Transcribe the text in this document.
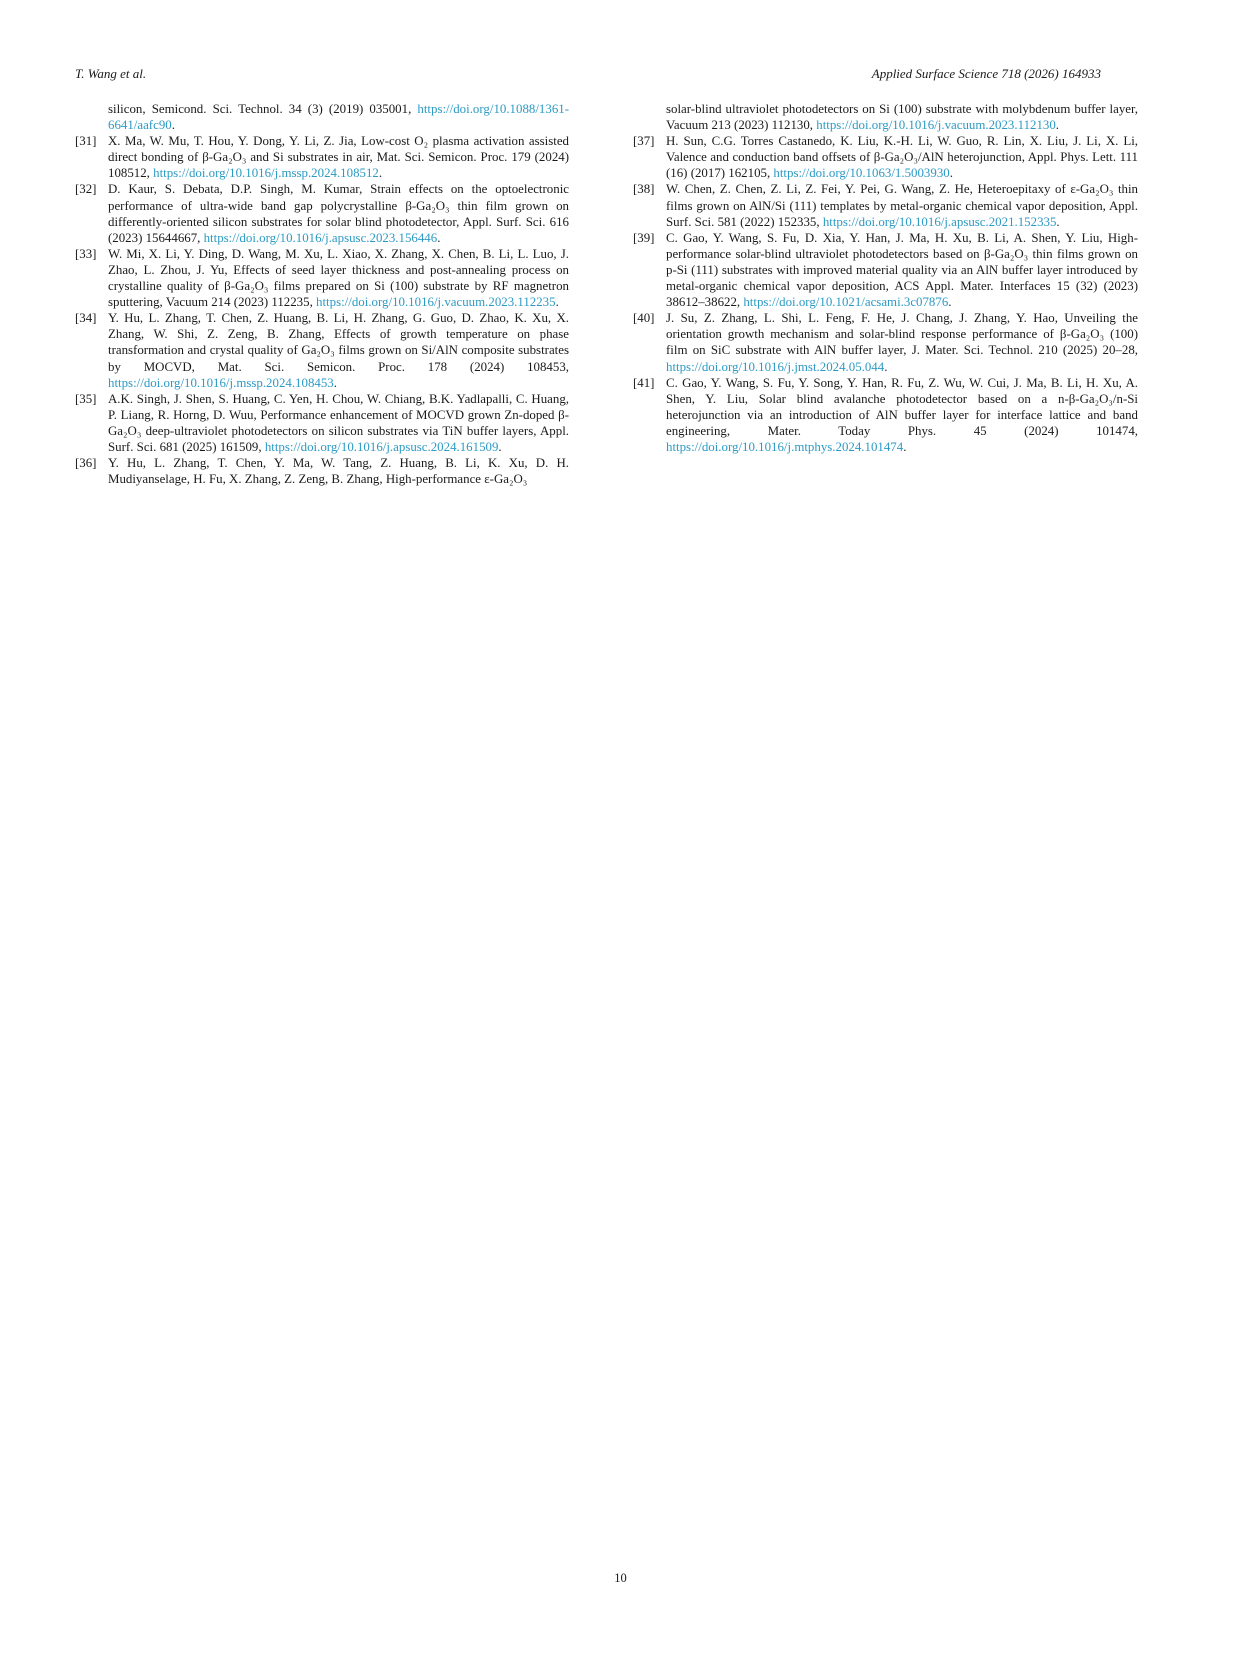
T. Wang et al.	Applied Surface Science 718 (2026) 164933
silicon, Semicond. Sci. Technol. 34 (3) (2019) 035001, https://doi.org/10.1088/1361-6641/aafc90.
[31] X. Ma, W. Mu, T. Hou, Y. Dong, Y. Li, Z. Jia, Low-cost O₂ plasma activation assisted direct bonding of β-Ga₂O₃ and Si substrates in air, Mat. Sci. Semicon. Proc. 179 (2024) 108512, https://doi.org/10.1016/j.mssp.2024.108512.
[32] D. Kaur, S. Debata, D.P. Singh, M. Kumar, Strain effects on the optoelectronic performance of ultra-wide band gap polycrystalline β-Ga₂O₃ thin film grown on differently-oriented silicon substrates for solar blind photodetector, Appl. Surf. Sci. 616 (2023) 15644667, https://doi.org/10.1016/j.apsusc.2023.156446.
[33] W. Mi, X. Li, Y. Ding, D. Wang, M. Xu, L. Xiao, X. Zhang, X. Chen, B. Li, L. Luo, J. Zhao, L. Zhou, J. Yu, Effects of seed layer thickness and post-annealing process on crystalline quality of β-Ga₂O₃ films prepared on Si (100) substrate by RF magnetron sputtering, Vacuum 214 (2023) 112235, https://doi.org/10.1016/j.vacuum.2023.112235.
[34] Y. Hu, L. Zhang, T. Chen, Z. Huang, B. Li, H. Zhang, G. Guo, D. Zhao, K. Xu, X. Zhang, W. Shi, Z. Zeng, B. Zhang, Effects of growth temperature on phase transformation and crystal quality of Ga₂O₃ films grown on Si/AlN composite substrates by MOCVD, Mat. Sci. Semicon. Proc. 178 (2024) 108453, https://doi.org/10.1016/j.mssp.2024.108453.
[35] A.K. Singh, J. Shen, S. Huang, C. Yen, H. Chou, W. Chiang, B.K. Yadlapalli, C. Huang, P. Liang, R. Horng, D. Wuu, Performance enhancement of MOCVD grown Zn-doped β-Ga₂O₃ deep-ultraviolet photodetectors on silicon substrates via TiN buffer layers, Appl. Surf. Sci. 681 (2025) 161509, https://doi.org/10.1016/j.apsusc.2024.161509.
[36] Y. Hu, L. Zhang, T. Chen, Y. Ma, W. Tang, Z. Huang, B. Li, K. Xu, D. H. Mudiyanselage, H. Fu, X. Zhang, Z. Zeng, B. Zhang, High-performance ε-Ga₂O₃
solar-blind ultraviolet photodetectors on Si (100) substrate with molybdenum buffer layer, Vacuum 213 (2023) 112130, https://doi.org/10.1016/j.vacuum.2023.112130.
[37] H. Sun, C.G. Torres Castanedo, K. Liu, K.-H. Li, W. Guo, R. Lin, X. Liu, J. Li, X. Li, Valence and conduction band offsets of β-Ga₂O₃/AlN heterojunction, Appl. Phys. Lett. 111 (16) (2017) 162105, https://doi.org/10.1063/1.5003930.
[38] W. Chen, Z. Chen, Z. Li, Z. Fei, Y. Pei, G. Wang, Z. He, Heteroepitaxy of ε-Ga₂O₃ thin films grown on AlN/Si (111) templates by metal-organic chemical vapor deposition, Appl. Surf. Sci. 581 (2022) 152335, https://doi.org/10.1016/j.apsusc.2021.152335.
[39] C. Gao, Y. Wang, S. Fu, D. Xia, Y. Han, J. Ma, H. Xu, B. Li, A. Shen, Y. Liu, High-performance solar-blind ultraviolet photodetectors based on β-Ga₂O₃ thin films grown on p-Si (111) substrates with improved material quality via an AlN buffer layer introduced by metal-organic chemical vapor deposition, ACS Appl. Mater. Interfaces 15 (32) (2023) 38612–38622, https://doi.org/10.1021/acsami.3c07876.
[40] J. Su, Z. Zhang, L. Shi, L. Feng, F. He, J. Chang, J. Zhang, Y. Hao, Unveiling the orientation growth mechanism and solar-blind response performance of β-Ga₂O₃ (100) film on SiC substrate with AlN buffer layer, J. Mater. Sci. Technol. 210 (2025) 20–28, https://doi.org/10.1016/j.jmst.2024.05.044.
[41] C. Gao, Y. Wang, S. Fu, Y. Song, Y. Han, R. Fu, Z. Wu, W. Cui, J. Ma, B. Li, H. Xu, A. Shen, Y. Liu, Solar blind avalanche photodetector based on a n-β-Ga₂O₃/n-Si heterojunction via an introduction of AlN buffer layer for interface lattice and band engineering, Mater. Today Phys. 45 (2024) 101474, https://doi.org/10.1016/j.mtphys.2024.101474.
10
